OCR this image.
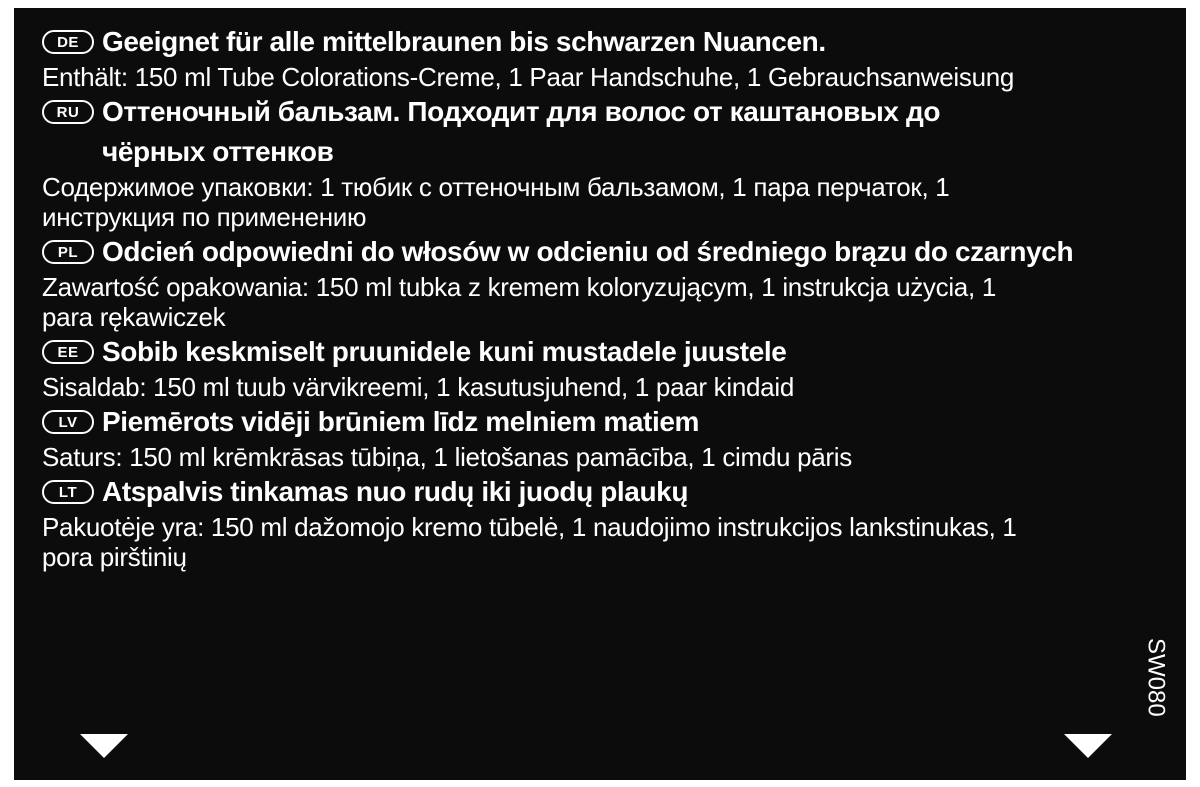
DE Geeignet für alle mittelbraunen bis schwarzen Nuancen.
Enthält: 150 ml Tube Colorations-Creme, 1 Paar Handschuhe, 1 Gebrauchsanweisung
RU Оттеночный бальзам. Подходит для волос от каштановых до чёрных оттенков
Содержимое упаковки: 1 тюбик с оттеночным бальзамом, 1 пара перчаток, 1 инструкция по применению
PL Odcień odpowiedni do włosów w odcieniu od średniego brązu do czarnych
Zawartość opakowania: 150 ml tubka z kremem koloryzującym, 1 instrukcja użycia, 1 para rękawiczek
EE Sobib keskmiselt pruunidele kuni mustadele juustele
Sisaldab: 150 ml tuub värvikreemi, 1 kasutusjuhend, 1 paar kindaid
LV Piemērots vidēji brūniem līdz melniem matiem
Saturs: 150 ml krēmkrāsas tūbiņa, 1 lietošanas pamācība, 1 cimdu pāris
LT Atspalvis tinkamas nuo rudų iki juodų plaukų
Pakuotėje yra: 150 ml dažomojo kremo tūbelė, 1 naudojimo instrukcijos lankstinukas, 1 pora pirštinių
SW080
